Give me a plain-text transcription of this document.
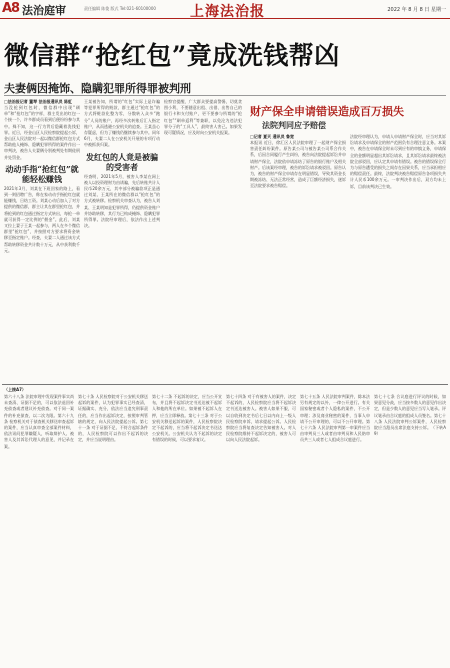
A8 法治庭审	责任编辑 陈俊 版式 Tel:021-60100000 上海法治报	2022 年 8 月 8 日 星期一
微信群“抢红包”竟成洗钱帮凶
夫妻俩因掩饰、隐瞒犯罪所得罪被判刑
□法治报记者 董琴 法治报通讯员 陈虹
当没抢到红包时，微信群中出现“刷单”和“抢红包”的字样，群主发出的红包一个接一个，许多群成员看到后便纷纷参与其中。殊不知，这一行为背后隐藏着洗钱犯罪。近日，经金山区人民检察院提起公诉，金山区人民法院对一起以微信群抢红包方式帮助他人掩饰、隐瞒犯罪所得的案件作出一审判决，被告人夫妻俩分别被判处有期徒刑并处罚金。
动动手指“抢红包”就能轻松赚钱
2021年3月，刘某在下班回家的路上，看到一则招聘广告，称在家动动手指抢红包就能赚钱，日结工资。刘某心动后加入了对方提供的微信群，群主让其在群里抢红包，并将抢到的红包通过指定方式转出，每抢一单就可获得一定比例的“佣金”。此后，刘某又拉上妻子王某一起参与，两人在多个微信群里“抢红包”，并按照对方要求将资金转移至指定账户。经查，夫妻二人通过该方式帮助转移资金共计数十万元，从中获利数千元。
王某被告知，所谓的“红包”实际上是诈骗等犯罪所得的赃款，群主通过“抢红包”的方式将赃款化整为零，分散转入众多“跑分”人员的账户，再经多次转账后汇入指定账户，从而逃避公安机关的追查。王某虽心存疑虑，但为了赚钱仍继续参与其中。同年6月，夫妻二人在公安机关开展的专项行动中被抓获归案。
发红包的人竟是被骗的受害者
经查明，2021年5月，被害人李某在网上被人以投资理财为由诱骗，先后转账共计人民币20余万元，其中部分被骗款项正是通过刘某、王某所在的微信群以“抢红包”的方式被转移。检察机关审查认为，被告人刘某、王某明知是犯罪所得，仍提供资金账户并协助转移，其行为已构成掩饰、隐瞒犯罪所得罪。法院经审理后，依法作出上述判决。
检察官提醒，广大群众要提高警惕，切莫贪图小利，不要随意出租、出借、出售自己的银行卡和支付账户，更不要参与所谓的“抢红包”“刷单返利”等兼职，以免沦为违法犯罪分子的“工具人”，最终害人害己。如果发现可疑情况，应及时向公安机关报案。
财产保全申请错误造成百万损失
法院判同应予赔偿
□记者 夏天 通讯员 鲁宽
本报讯 近日，徐汇区人民法院审理了一起财产保全损害责任纠纷案件。原告某公司与被告某公司系合作关系，后因合同履行产生纠纷，被告向法院提起诉讼并申请财产保全，法院依申请冻结了原告的银行账户及相关财产。后该案经审理，被告的诉讼请求被驳回。原告认为，被告的财产保全申请存在明显错误，导致其资金长期被冻结、无法正常经营，造成了巨额经济损失，遂诉至法院要求被告赔偿。
法院经审理认为，申请人申请财产保全时，应当对其诉讼请求及申请保全的财产范围负有合理注意义务。本案中，被告在申请保全时未尽到应有的审慎义务，申请保全的金额明显超出其诉讼请求，且其诉讼请求最终被法院全部驳回，应认定其申请有错误。被告的错误保全行为与原告遭受的损失之间存在因果关系，应当承担相应的赔偿责任。最终，法院判决被告赔偿原告各项损失共计人民币100余万元。一审判决作出后，双方均未上诉，目前该判决已生效。
（上接A7）
第六十八条 法院审理中发现案件事实尚未查清、证据不足的，可以依法退回补充侦查或者建议补充侦查。对于同一案件的补充侦查，以二次为限。第六十九条 检察机关对于侦查机关移送审查起诉的案件，应当认真审查全部案件材料，依法讯问犯罪嫌疑人，听取辩护人、被害人及其诉讼代理人的意见，并记录在案。
第七十条 人民检察院对于公安机关移送起诉的案件，认为犯罪事实已经查清，证据确实、充分，依法应当追究刑事责任的，应当作出起诉决定，按照审判管辖的规定，向人民法院提起公诉。第七十一条 对于证据不足、不符合起诉条件的，人民检察院可以作出不起诉的决定，并应当说明理由。
第七十二条 不起诉的决定，应当公开宣布，并且将不起诉决定书送达被不起诉人和他的所在单位。如果被不起诉人在押，应当立即释放。第七十三条 对于公安机关移送起诉的案件，人民检察院决定不起诉的，应当将不起诉决定书送达公安机关。公安机关认为不起诉的决定有错误的时候，可以要求复议。
第七十四条 对于有被害人的案件，决定不起诉的，人民检察院应当将不起诉决定书送达被害人。被害人如果不服，可以自收到决定书后七日以内向上一级人民检察院申诉，请求提起公诉。人民检察院应当将复查决定告知被害人。对人民检察院维持不起诉决定的，被害人可以向人民法院起诉。
第七十五条 人民法院审判案件，除本法另有规定的以外，一律公开进行。有关国家秘密或者个人隐私的案件，不公开审理；涉及商业秘密的案件，当事人申请不公开审理的，可以不公开审理。第七十六条 人民法院审判第一审案件应当由审判员三人或者由审判员和人民陪审员共三人或者七人组成合议庭进行。
第七十七条 合议庭进行评议的时候，如果意见分歧，应当按多数人的意见作出决定，但是少数人的意见应当写入笔录。评议笔录由合议庭的组成人员签名。第七十八条 人民法院审判公诉案件，人民检察院应当派员出席法庭支持公诉。（下转A9）
